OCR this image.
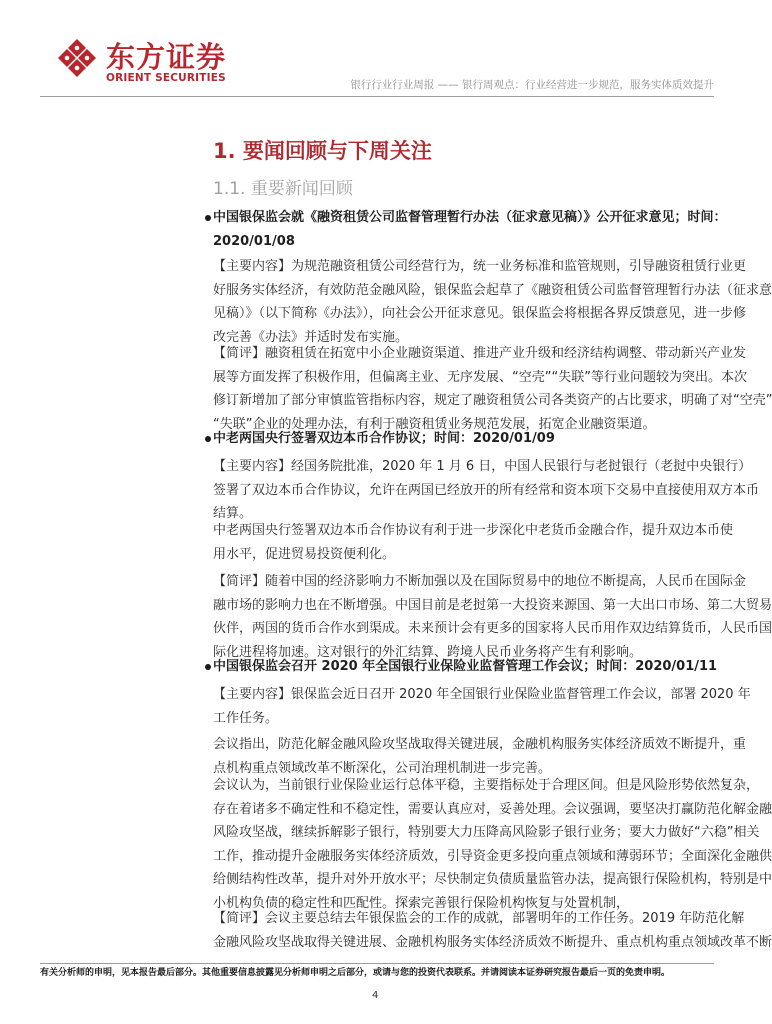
东方证券
ORIENT SECURITIES
银行行业行业周报 —— 银行周观点：行业经营进一步规范，服务实体质效提升
1. 要闻回顾与下周关注
1.1. 重要新闻回顾
中国银保监会就《融资租赁公司监督管理暂行办法（征求意见稿）》公开征求意见；时间：
2020/01/08
【主要内容】为规范融资租赁公司经营行为，统一业务标准和监管规则，引导融资租赁行业更
好服务实体经济，有效防范金融风险，银保监会起草了《融资租赁公司监督管理暂行办法（征求意
见稿）》（以下简称《办法》），向社会公开征求意见。银保监会将根据各界反馈意见，进一步修
改完善《办法》并适时发布实施。
【简评】融资租赁在拓宽中小企业融资渠道、推进产业升级和经济结构调整、带动新兴产业发
展等方面发挥了积极作用，但偏离主业、无序发展、“空壳”“失联”等行业问题较为突出。本次
修订新增加了部分审慎监管指标内容，规定了融资租赁公司各类资产的占比要求，明确了对“空壳”
“失联”企业的处理办法，有利于融资租赁业务规范发展，拓宽企业融资渠道。
中老两国央行签署双边本币合作协议；时间：2020/01/09
【主要内容】经国务院批准，2020 年 1 月 6 日，中国人民银行与老挝银行（老挝中央银行）
签署了双边本币合作协议，允许在两国已经放开的所有经常和资本项下交易中直接使用双方本币
结算。
中老两国央行签署双边本币合作协议有利于进一步深化中老货币金融合作，提升双边本币使
用水平，促进贸易投资便利化。
【简评】随着中国的经济影响力不断加强以及在国际贸易中的地位不断提高，人民币在国际金
融市场的影响力也在不断增强。中国目前是老挝第一大投资来源国、第一大出口市场、第二大贸易
伙伴，两国的货币合作水到渠成。未来预计会有更多的国家将人民币用作双边结算货币，人民币国
际化进程将加速。这对银行的外汇结算、跨境人民币业务将产生有利影响。
中国银保监会召开 2020 年全国银行业保险业监督管理工作会议；时间：2020/01/11
【主要内容】银保监会近日召开 2020 年全国银行业保险业监督管理工作会议，部署 2020 年
工作任务。
会议指出，防范化解金融风险攻坚战取得关键进展，金融机构服务实体经济质效不断提升，重
点机构重点领域改革不断深化，公司治理机制进一步完善。
会议认为，当前银行业保险业运行总体平稳，主要指标处于合理区间。但是风险形势依然复杂，
存在着诸多不确定性和不稳定性，需要认真应对，妥善处理。会议强调，要坚决打赢防范化解金融
风险攻坚战，继续拆解影子银行，特别要大力压降高风险影子银行业务；要大力做好“六稳”相关
工作，推动提升金融服务实体经济质效，引导资金更多投向重点领域和薄弱环节；全面深化金融供
给侧结构性改革，提升对外开放水平；尽快制定负债质量监管办法，提高银行保险机构，特别是中
小机构负债的稳定性和匹配性。探索完善银行保险机构恢复与处置机制，
【简评】会议主要总结去年银保监会的工作的成就，部署明年的工作任务。2019 年防范化解
金融风险攻坚战取得关键进展、金融机构服务实体经济质效不断提升、重点机构重点领域改革不断
有关分析师的申明，见本报告最后部分。其他重要信息披露见分析师申明之后部分，或请与您的投资代表联系。并请阅读本证券研究报告最后一页的免责申明。
4
